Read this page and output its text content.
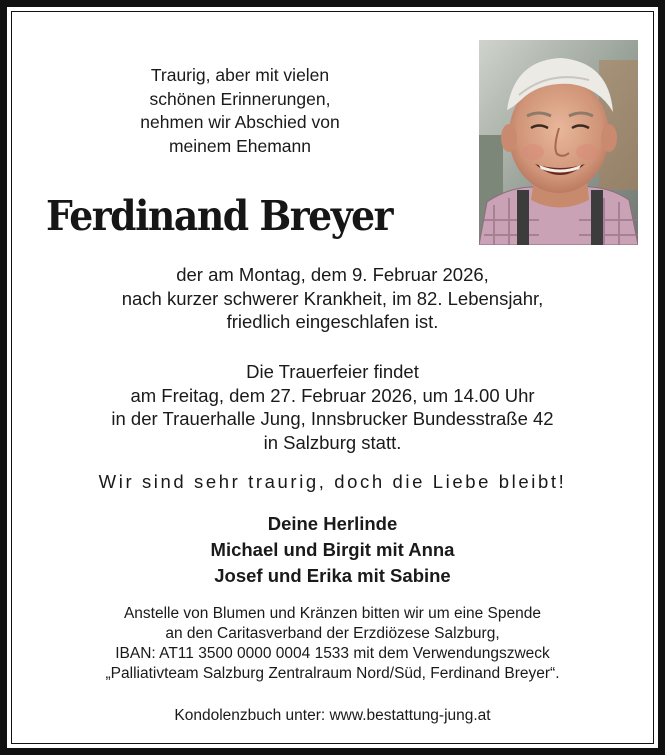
Traurig, aber mit vielen
schönen Erinnerungen,
nehmen wir Abschied von
meinem Ehemann
Ferdinand Breyer
der am Montag, dem 9. Februar 2026,
nach kurzer schwerer Krankheit, im 82. Lebensjahr,
friedlich eingeschlafen ist.
Die Trauerfeier findet
am Freitag, dem 27. Februar 2026, um 14.00 Uhr
in der Trauerhalle Jung, Innsbrucker Bundesstraße 42
in Salzburg statt.
Wir sind sehr traurig, doch die Liebe bleibt!
Deine Herlinde
Michael und Birgit mit Anna
Josef und Erika mit Sabine
Anstelle von Blumen und Kränzen bitten wir um eine Spende
an den Caritasverband der Erzdiözese Salzburg,
IBAN: AT11 3500 0000 0004 1533 mit dem Verwendungszweck
„Palliativteam Salzburg Zentralraum Nord/Süd, Ferdinand Breyer“.
Kondolenzbuch unter: www.bestattung-jung.at
